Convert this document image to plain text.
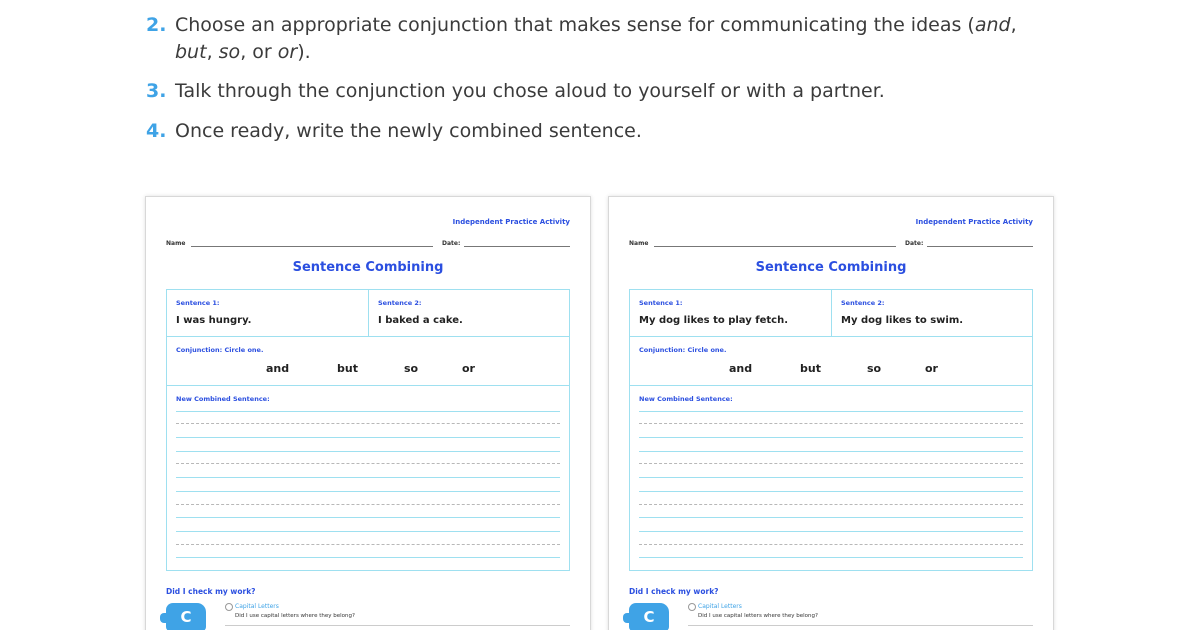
2. Choose an appropriate conjunction that makes sense for communicating the ideas (and,
but, so, or or).
3. Talk through the conjunction you chose aloud to yourself or with a partner.
4. Once ready, write the newly combined sentence.
Independent Practice Activity
Name	Date:
Sentence Combining
Sentence 1:
I was hungry.
Sentence 2:
I baked a cake.
Conjunction: Circle one.
and	but	so	or
New Combined Sentence:
Did I check my work?
C
Capital Letters
Did I use capital letters where they belong?
Independent Practice Activity
Name	Date:
Sentence Combining
Sentence 1:
My dog likes to play fetch.
Sentence 2:
My dog likes to swim.
Conjunction: Circle one.
and	but	so	or
New Combined Sentence:
Did I check my work?
C
Capital Letters
Did I use capital letters where they belong?
